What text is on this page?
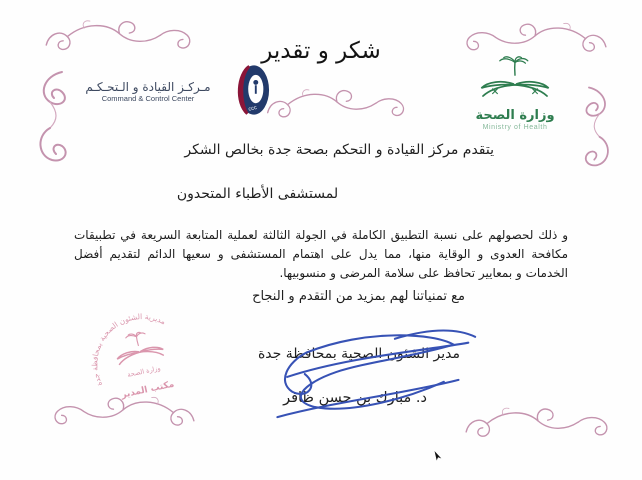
شكر و تقدير
ccc
مـركـز القيادة و الـتحـكـم
Command & Control Center
وزارة الصحة
Ministry of Health
يتقدم مركز القيادة و التحكم بصحة جدة بخالص الشكر
لمستشفى الأطباء المتحدون
و ذلك لحصولهم على نسبة التطبيق الكاملة في الجولة الثالثة لعملية المتابعة السريعة في تطبيقات مكافحة العدوى و الوقاية منها، مما يدل على اهتمام المستشفى و سعيها الدائم لتقديم أفضل الخدمات و بمعايير تحافظ على سلامة المرضى و منسوبيها.
مع تمنياتنا لهم بمزيد من التقدم و النجاح
مديرية الشئون الصحية بمحافظة جدة
وزارة الصحة
مكتب المدير
مدير الشئون الصحية بمحافظة جدة
د. مبارك بن حسن ظافر
